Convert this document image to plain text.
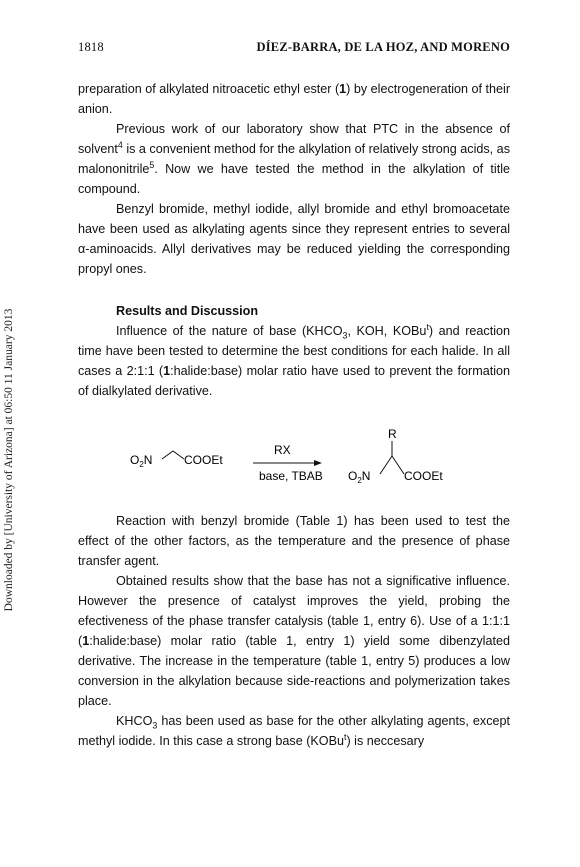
1818	DÍEZ-BARRA, DE LA HOZ, AND MORENO
Downloaded by [University of Arizona] at 06:50 11 January 2013

preparation of alkylated nitroacetic ethyl ester (1) by electrogeneration of their anion.

Previous work of our laboratory show that PTC in the absence of solvent$^4$ is a convenient method for the alkylation of relatively strong acids, as malononitrile$^5$. Now we have tested the method in the alkylation of title compound.

Benzyl bromide, methyl iodide, allyl bromide and ethyl bromoacetate have been used as alkylating agents since they represent entries to several α-aminoacids. Allyl derivatives may be reduced yielding the corresponding propyl ones.

Results and Discussion

Influence of the nature of base ($KHCO_3$, KOH, KOBu$^t$) and reaction time have been tested to determine the best conditions for each halide. In all cases a 2:1:1 (1:halide:base) molar ratio have used to prevent the formation of dialkylated derivative.

$O_2N$	COOEt
RX
base, TBAB
R
$O_2N$	COOEt

Reaction with benzyl bromide (Table 1) has been used to test the effect of the other factors, as the temperature and the presence of phase transfer agent.

Obtained results show that the base has not a significative influence. However the presence of catalyst improves the yield, probing the efectiveness of the phase transfer catalysis (table 1, entry 6). Use of a 1:1:1 (1:halide:base) molar ratio (table 1, entry 1) yield some dibenzylated derivative. The increase in the temperature (table 1, entry 5) produces a low conversion in the alkylation because side-reactions and polymerization takes place.

$KHCO_3$ has been used as base for the other alkylating agents, except methyl iodide. In this case a strong base (KOBu$^t$) is neccesary
